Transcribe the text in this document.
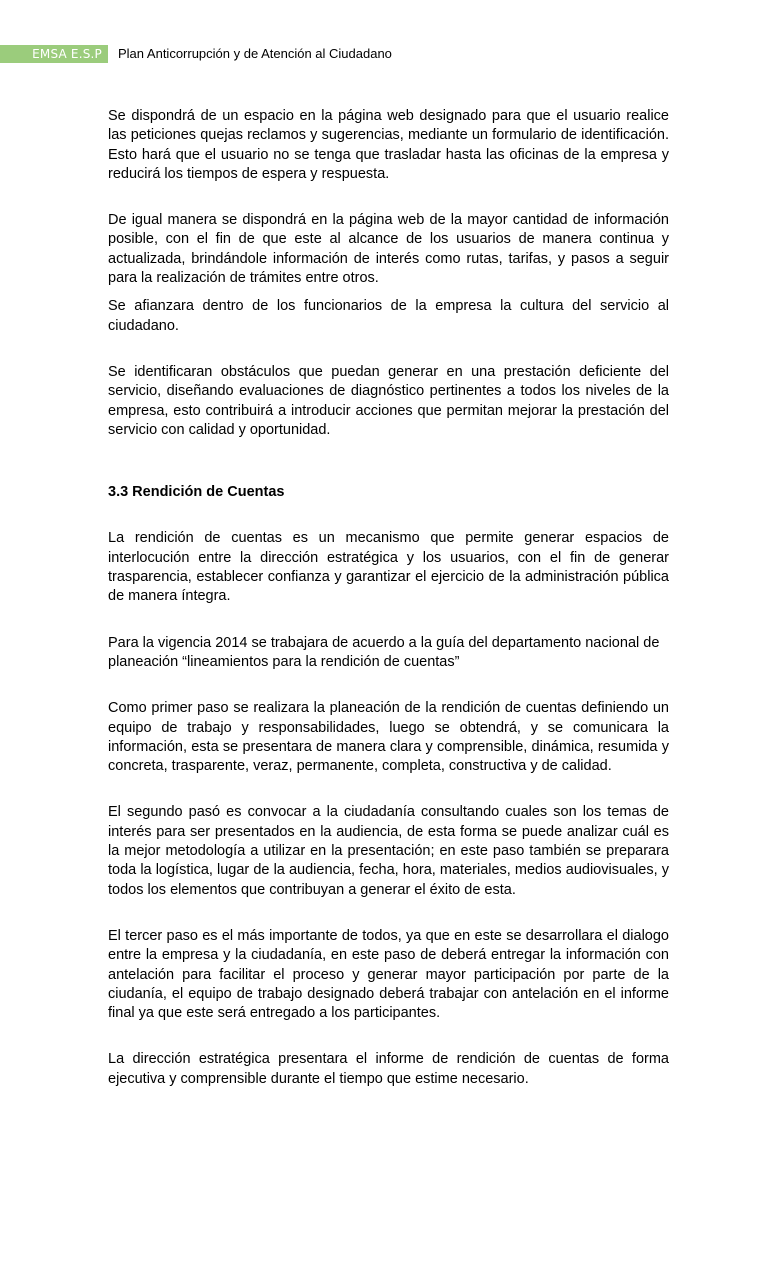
EMSA E.S.P	Plan Anticorrupción y de Atención al Ciudadano

Se dispondrá de un espacio en la página web designado para que el usuario realice las peticiones quejas reclamos y sugerencias, mediante un formulario de identificación. Esto hará que el usuario no se tenga que trasladar hasta las oficinas de la empresa y reducirá los tiempos de espera y respuesta.

De igual manera se dispondrá en la página web de la mayor cantidad de información posible, con el fin de que este al alcance de los usuarios de manera continua y actualizada, brindándole información de interés como rutas, tarifas, y pasos a seguir para la realización de trámites entre otros.

Se afianzara dentro de los funcionarios de la empresa la cultura del servicio al ciudadano.

Se identificaran obstáculos que puedan generar en una prestación deficiente del servicio, diseñando evaluaciones de diagnóstico pertinentes a todos los niveles de la empresa, esto contribuirá a introducir acciones que permitan mejorar la prestación del servicio con calidad y oportunidad.

3.3 Rendición de Cuentas

La rendición de cuentas es un mecanismo que permite generar espacios de interlocución entre la dirección estratégica y los usuarios, con el fin de generar trasparencia, establecer confianza y garantizar el ejercicio de la administración pública de manera íntegra.

Para la vigencia 2014 se trabajara de acuerdo a la guía del departamento nacional de planeación “lineamientos para la rendición de cuentas”

Como primer paso se realizara la planeación de la rendición de cuentas definiendo un equipo de trabajo y responsabilidades, luego se obtendrá, y se comunicara la información, esta se presentara de manera clara y comprensible, dinámica, resumida y concreta, trasparente, veraz, permanente, completa, constructiva y de calidad.

El segundo pasó es convocar a la ciudadanía consultando cuales son los temas de interés para ser presentados en la audiencia, de esta forma se puede analizar cuál es la mejor metodología a utilizar en la presentación; en este paso también se preparara toda la logística, lugar de la audiencia, fecha, hora, materiales, medios audiovisuales, y todos los elementos que contribuyan a generar el éxito de esta.

El tercer paso es el más importante de todos, ya que en este se desarrollara el dialogo entre la empresa y la ciudadanía, en este paso de deberá entregar la información con antelación para facilitar el proceso y generar mayor participación por parte de la ciudanía, el equipo de trabajo designado deberá trabajar con antelación en el informe final ya que este será entregado a los participantes.

La dirección estratégica presentara el informe de rendición de cuentas de forma ejecutiva y comprensible durante el tiempo que estime necesario.
